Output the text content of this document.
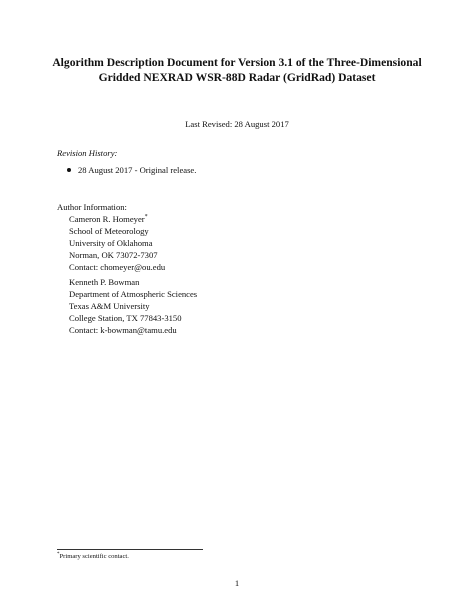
Algorithm Description Document for Version 3.1 of the Three-Dimensional
Gridded NEXRAD WSR-88D Radar (GridRad) Dataset
Last Revised: 28 August 2017
Revision History:
28 August 2017 - Original release.
Author Information:
Cameron R. Homeyer*
School of Meteorology
University of Oklahoma
Norman, OK 73072-7307
Contact: chomeyer@ou.edu
Kenneth P. Bowman
Department of Atmospheric Sciences
Texas A&M University
College Station, TX 77843-3150
Contact: k-bowman@tamu.edu
*Primary scientific contact.
1
